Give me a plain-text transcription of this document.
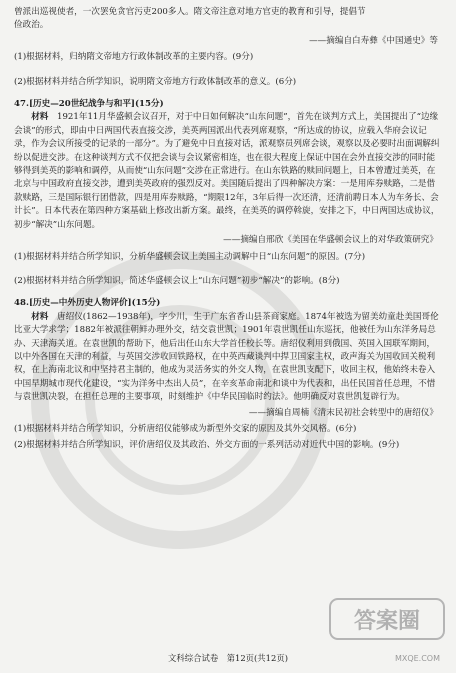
曾派出巡视使者，一次罢免贪官污吏200多人。隋文帝注意对地方官吏的教育和引导，提倡节

俭政治。

——摘编自白寿彝《中国通史》等

(1)根据材料，归纳隋文帝地方行政体制改革的主要内容。(9分)

(2)根据材料并结合所学知识，说明隋文帝地方行政体制改革的意义。(6分)

47.[历史—20世纪战争与和平](15分)

材料　 1921年11月华盛顿会议召开，对于中日如何解决“山东问题”，首先在谈判方式上，美国提出了“边缘会谈”的形式，即由中日两国代表直接交涉，美英两国派出代表列席观察，“所达成的协议，应载入华府会议记录，作为会议所接受的记录的一部分”。为了避免中日直接对话，派观察员列席会谈，观察以及必要时出面调解纠纷以促进交涉。在这种谈判方式不仅把会谈与会议紧密相连，也在很大程度上保证中国在会外直接交涉的同时能够得到美英的影响和调停，从而使“山东问题”交涉在正常进行。在山东铁路的赎回问题上，日本曾遭过美英，在北京与中国政府直接交涉，遭到美英政府的强烈反对。美国随后提出了四种解决方案：一是用库券赎路，二是借款赎路，三是国际银行团借款，四是用库券赎路，“期限12年，3年后得一次还清，还清前聘日本人为车务长、会计长”。日本代表在第四种方案基础上修改出新方案。最终，在美英的调停斡旋，安排之下，中日两国达成协议，初步“解决”山东问题。

——摘编自邢欣《美国在华盛顿会议上的对华政策研究》

(1)根据材料并结合所学知识，分析华盛顿会议上美国主动调解中日“山东问题”的原因。(7分)

(2)根据材料并结合所学知识，简述华盛顿会议上“山东问题”初步“解决”的影响。(8分)

48.[历史—中外历史人物评价](15分)

材料　 唐绍仪(1862—1938年)，字少川，生于广东省香山县茶商家庭。1874年被选为留美幼童赴美国哥伦比亚大学求学；1882年被派往朝鲜办理外交，结交袁世凯；1901年袁世凯任山东巡抚，他被任为山东洋务局总办、天津海关道。在袁世凯的帮助下，他后出任山东大学首任校长等。唐绍仪利用到俄国、英国入国联军期间，以中外各国在天津的利益，与英国交涉收回铁路权，在中英西藏谈判中捍卫国家主权，政声海关为国收回关税利权，在上海南北议和中坚持君主制的，他成为灵活务实的外交人物，在袁世凯支配下，收回主权，他始终未卷入中国早期城市现代化建设，“实为洋务中杰出人员”，在辛亥革命南北和谈中为代表和，出任民国首任总理，不惜与袁世凯决裂，在担任总理的主要事项，时刻维护《中华民国临时约法》。他明确反对袁世凯复辟行为。

——摘编自周楠《清末民初社会转型中的唐绍仪》

(1)根据材料并结合所学知识，分析唐绍仪能够成为新型外交家的原因及其外交风格。(6分)

(2)根据材料并结合所学知识，评价唐绍仪及其政治、外交方面的一系列活动对近代中国的影响。(9分)

答案圈
MXQE.COM
文科综合试卷　第12页(共12页)
